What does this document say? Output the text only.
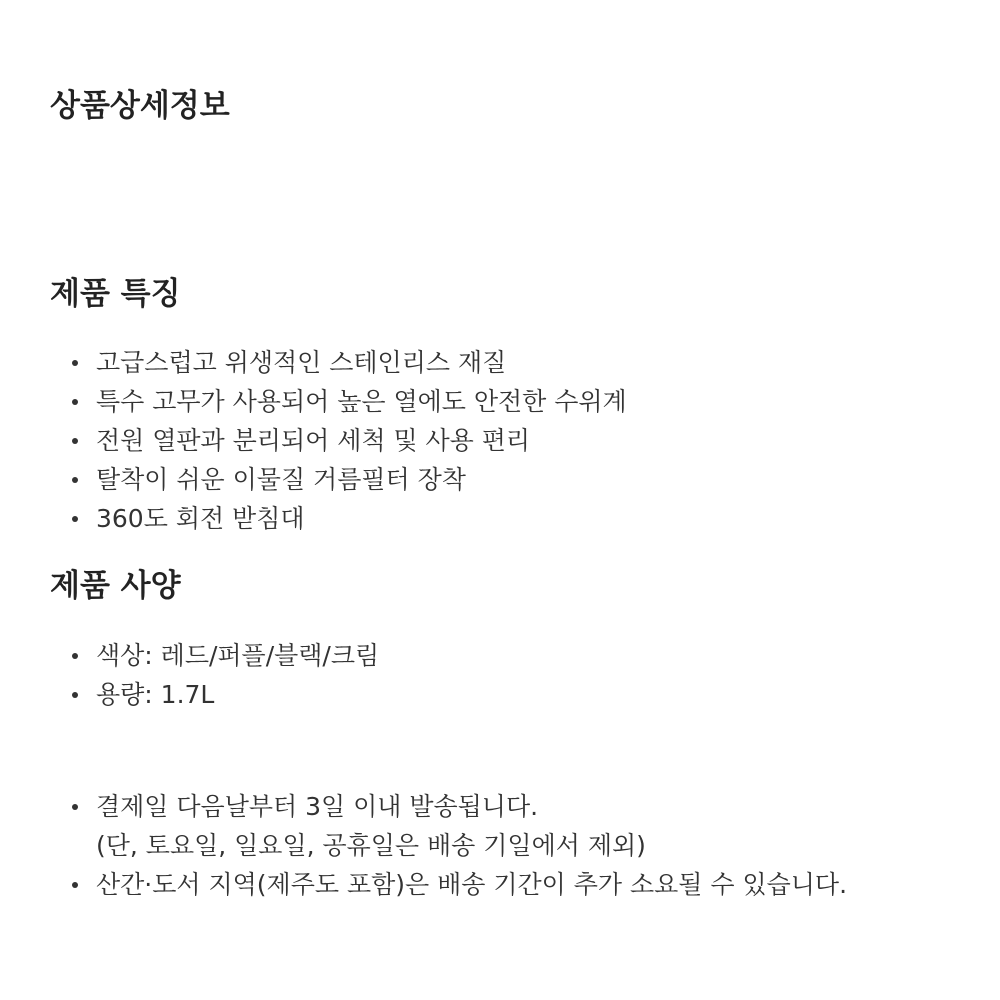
상품상세정보
제품 특징
고급스럽고 위생적인 스테인리스 재질
특수 고무가 사용되어 높은 열에도 안전한 수위계
전원 열판과 분리되어 세척 및 사용 편리
탈착이 쉬운 이물질 거름필터 장착
360도 회전 받침대
제품 사양
색상: 레드/퍼플/블랙/크림
용량: 1.7L
결제일 다음날부터 3일 이내 발송됩니다.
(단, 토요일, 일요일, 공휴일은 배송 기일에서 제외)
산간·도서 지역(제주도 포함)은 배송 기간이 추가 소요될 수 있습니다.
